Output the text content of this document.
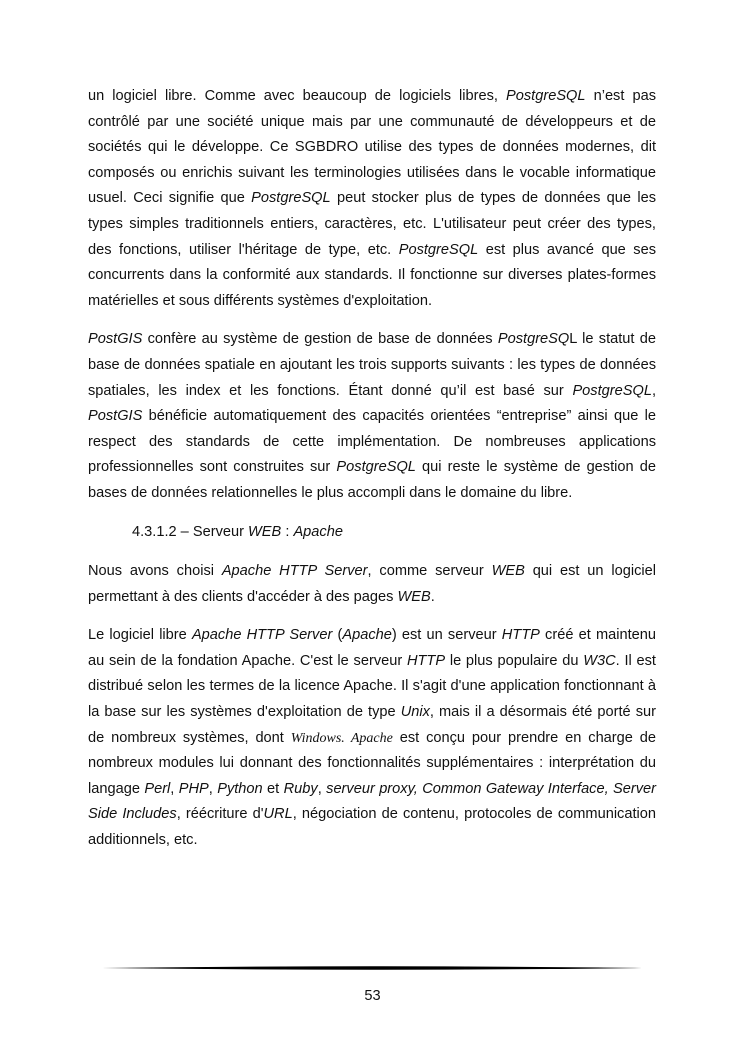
un logiciel libre. Comme avec beaucoup de logiciels libres, PostgreSQL n’est pas contrôlé par une société unique mais par une communauté de développeurs et de sociétés qui le développe. Ce SGBDRO utilise des types de données modernes, dit composés ou enrichis suivant les terminologies utilisées dans le vocable informatique usuel. Ceci signifie que PostgreSQL peut stocker plus de types de données que les types simples traditionnels entiers, caractères, etc. L'utilisateur peut créer des types, des fonctions, utiliser l'héritage de type, etc. PostgreSQL est plus avancé que ses concurrents dans la conformité aux standards. Il fonctionne sur diverses plates-formes matérielles et sous différents systèmes d'exploitation.

PostGIS confère au système de gestion de base de données PostgreSQL le statut de base de données spatiale en ajoutant les trois supports suivants : les types de données spatiales, les index et les fonctions. Étant donné qu’il est basé sur PostgreSQL, PostGIS bénéficie automatiquement des capacités orientées “entreprise” ainsi que le respect des standards de cette implémentation. De nombreuses applications professionnelles sont construites sur PostgreSQL qui reste le système de gestion de bases de données relationnelles le plus accompli dans le domaine du libre.

4.3.1.2 – Serveur WEB : Apache

Nous avons choisi Apache HTTP Server, comme serveur WEB qui est un logiciel permettant à des clients d'accéder à des pages WEB.

Le logiciel libre Apache HTTP Server (Apache) est un serveur HTTP créé et maintenu au sein de la fondation Apache. C'est le serveur HTTP le plus populaire du W3C. Il est distribué selon les termes de la licence Apache. Il s'agit d'une application fonctionnant à la base sur les systèmes d'exploitation de type Unix, mais il a désormais été porté sur de nombreux systèmes, dont Windows. Apache est conçu pour prendre en charge de nombreux modules lui donnant des fonctionnalités supplémentaires : interprétation du langage Perl, PHP, Python et Ruby, serveur proxy, Common Gateway Interface, Server Side Includes, réécriture d'URL, négociation de contenu, protocoles de communication additionnels, etc.

53
